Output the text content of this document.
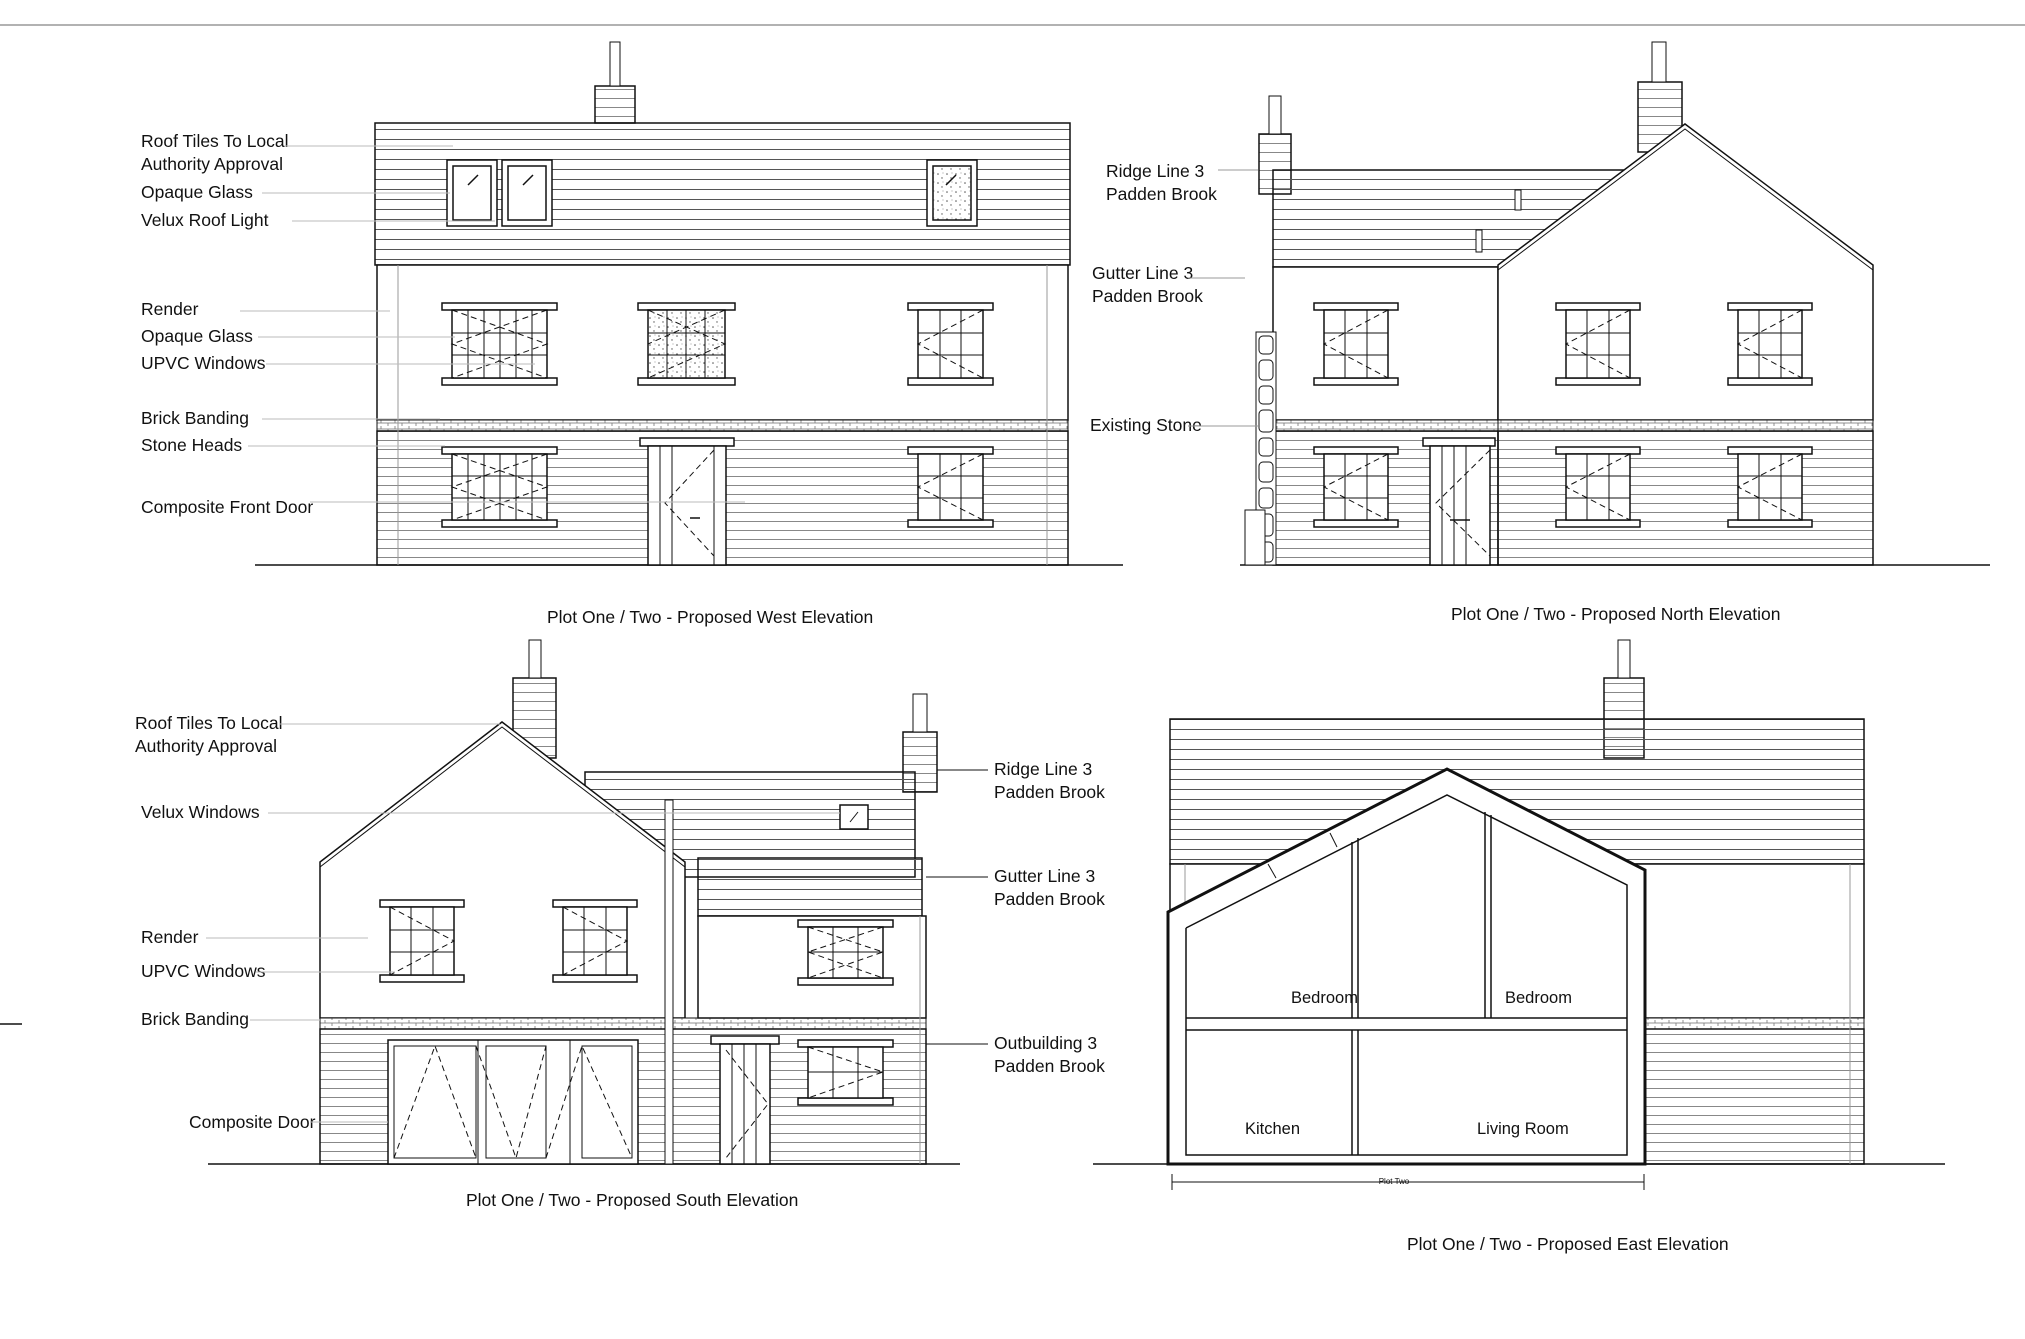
Roof Tiles To Local
Authority Approval
Opaque Glass
Velux Roof Light
Render
Opaque Glass
UPVC Windows
Brick Banding
Stone Heads
Composite Front Door
Plot One / Two - Proposed West Elevation
Ridge Line 3
Padden Brook
Gutter Line 3
Padden Brook
Existing Stone
Plot One / Two - Proposed North Elevation
Roof Tiles To Local
Authority Approval
Velux Windows
Render
UPVC Windows
Brick Banding
Composite Door
Ridge Line 3
Padden Brook
Gutter Line 3
Padden Brook
Outbuilding 3
Padden Brook
Plot One / Two - Proposed South Elevation
Bedroom	Bedroom
Kitchen	Living Room
Plot Two
Plot One / Two - Proposed East Elevation
